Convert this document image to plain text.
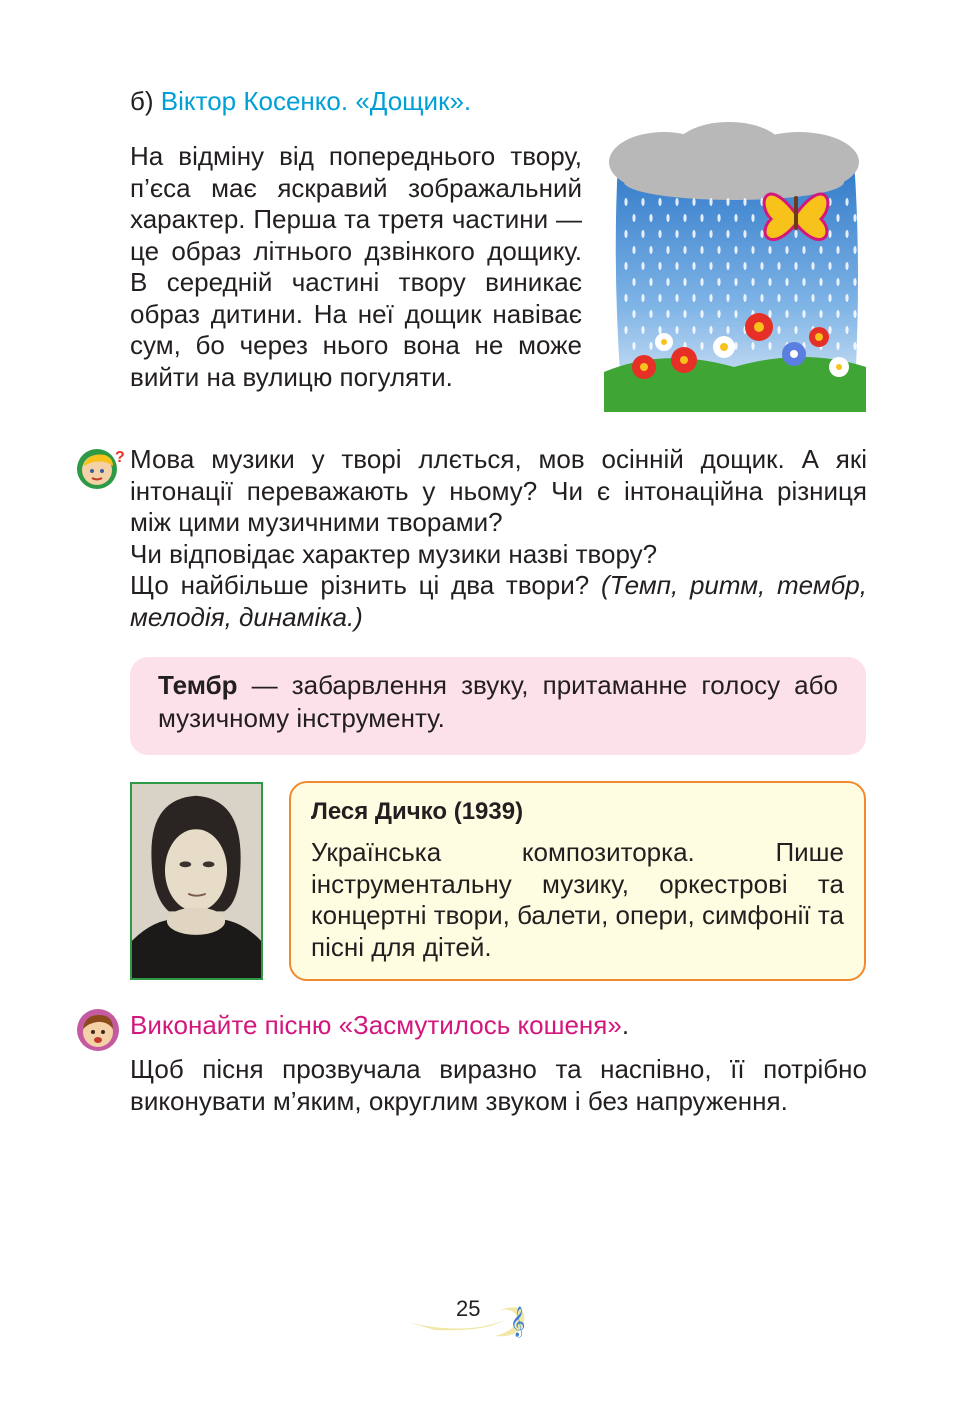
б) Віктор Косенко. «Дощик».
На відміну від попереднього твору, п’єса має яскравий зображальний характер. Перша та третя частини — це образ літнього дзвінкого дощику. В середній частині твору виникає образ дитини. На неї дощик навіває сум, бо через нього вона не може вийти на вулицю погуляти.
? Мова музики у творі ллється, мов осінній дощик. А які інтонації переважають у ньому? Чи є інтонаційна різниця між цими музичними творами?

Чи відповідає характер музики назві твору?

Що найбільше різнить ці два твори? (Темп, ритм, тембр, мелодія, динаміка.)

Тембр — забарвлення звуку, притаманне голосу або музичному інструменту.
Леся Дичко (1939)
Українська композиторка. Пише інструментальну музику, оркестрові та концертні твори, балети, опери, симфонії та пісні для дітей.
Виконайте пісню «Засмутилось кошеня».
Щоб пісня прозвучала виразно та наспівно, її потрібно виконувати м’яким, округлим звуком і без напруження.
𝄞
25
